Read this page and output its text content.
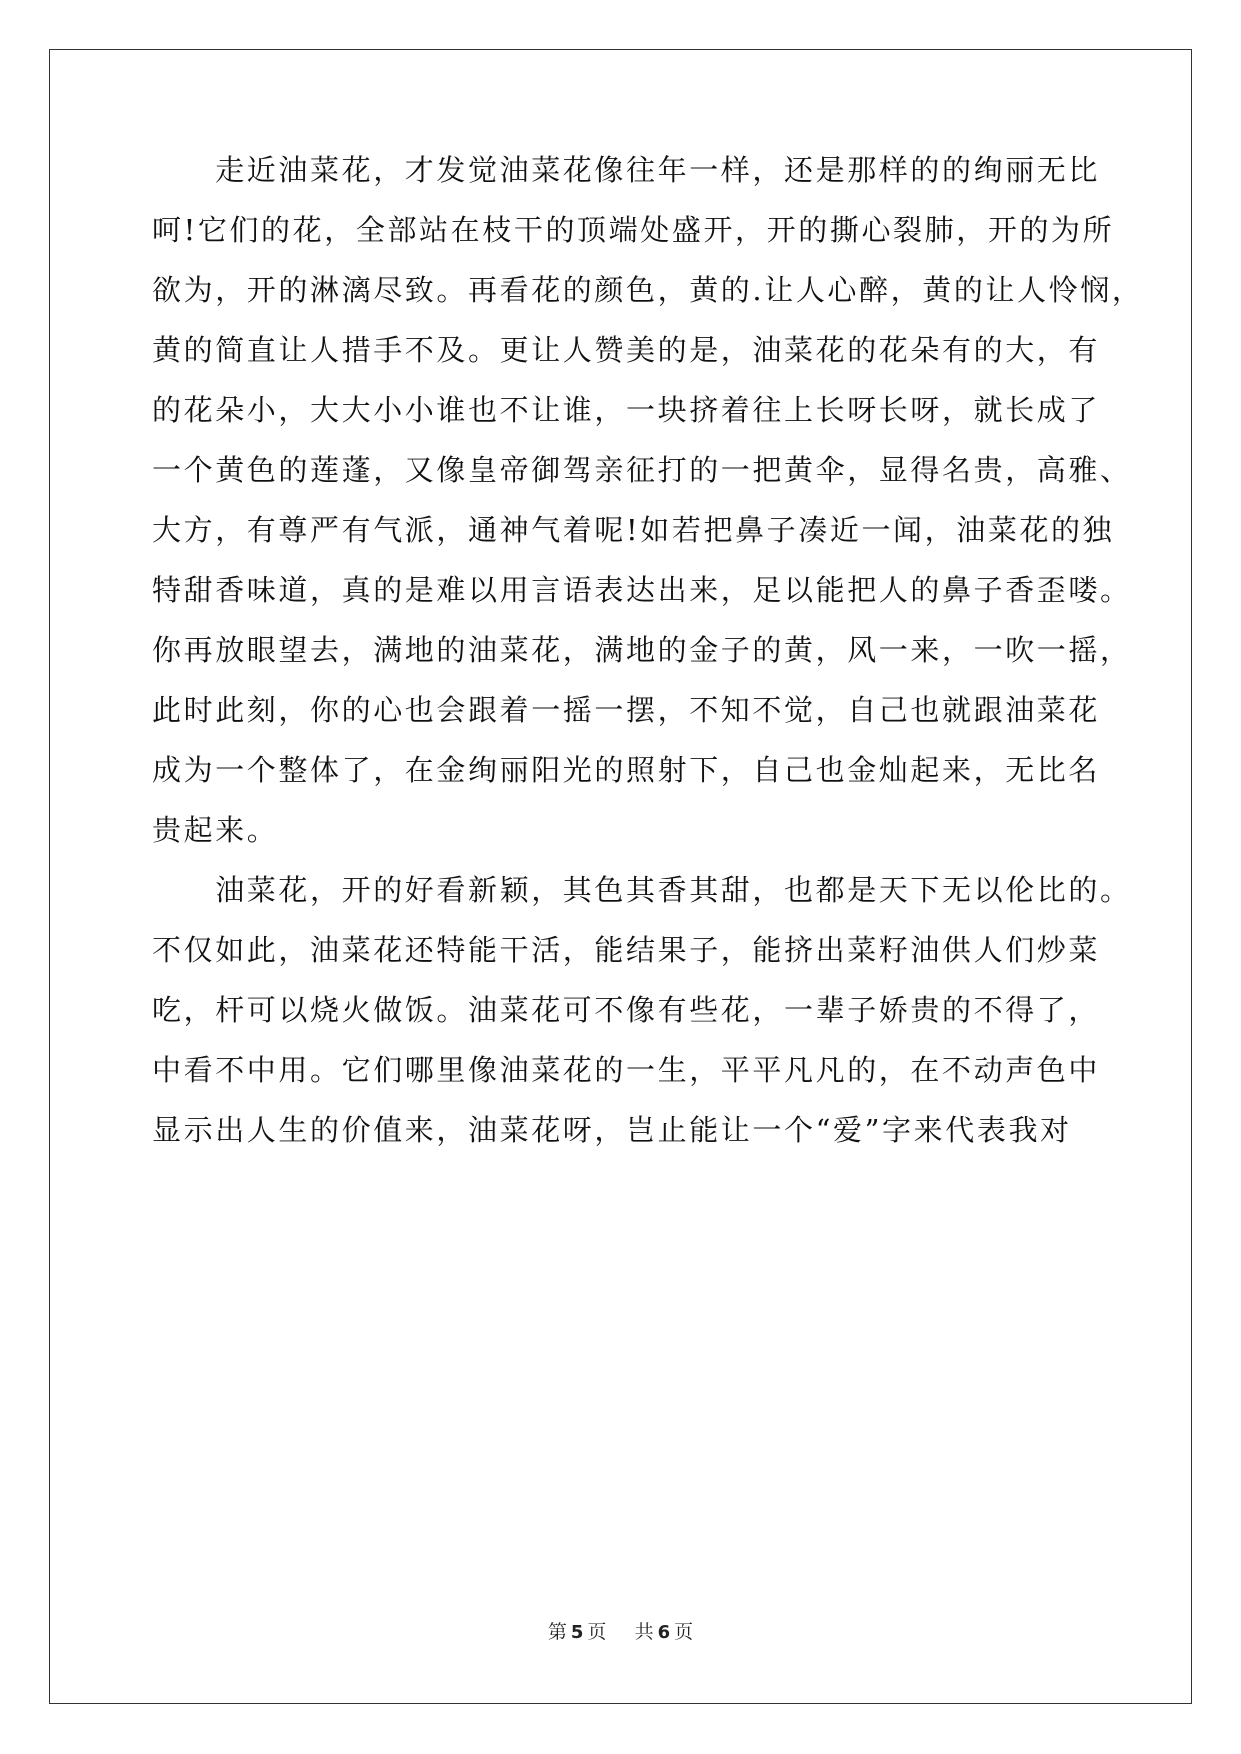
　　走近油菜花，才发觉油菜花像往年一样，还是那样的的绚丽无比
呵!它们的花，全部站在枝干的顶端处盛开，开的撕心裂肺，开的为所
欲为，开的淋漓尽致。再看花的颜色，黄的.让人心醉，黄的让人怜悯，
黄的简直让人措手不及。更让人赞美的是，油菜花的花朵有的大，有
的花朵小，大大小小谁也不让谁，一块挤着往上长呀长呀，就长成了
一个黄色的莲蓬，又像皇帝御驾亲征打的一把黄伞，显得名贵，高雅、
大方，有尊严有气派，通神气着呢!如若把鼻子凑近一闻，油菜花的独
特甜香味道，真的是难以用言语表达出来，足以能把人的鼻子香歪喽。
你再放眼望去，满地的油菜花，满地的金子的黄，风一来，一吹一摇，
此时此刻，你的心也会跟着一摇一摆，不知不觉，自己也就跟油菜花
成为一个整体了，在金绚丽阳光的照射下，自己也金灿起来，无比名
贵起来。
　　油菜花，开的好看新颖，其色其香其甜，也都是天下无以伦比的。
不仅如此，油菜花还特能干活，能结果子，能挤出菜籽油供人们炒菜
吃，杆可以烧火做饭。油菜花可不像有些花，一辈子娇贵的不得了，
中看不中用。它们哪里像油菜花的一生，平平凡凡的，在不动声色中
显示出人生的价值来，油菜花呀，岂止能让一个“爱”字来代表我对
第 5 页 共 6 页
